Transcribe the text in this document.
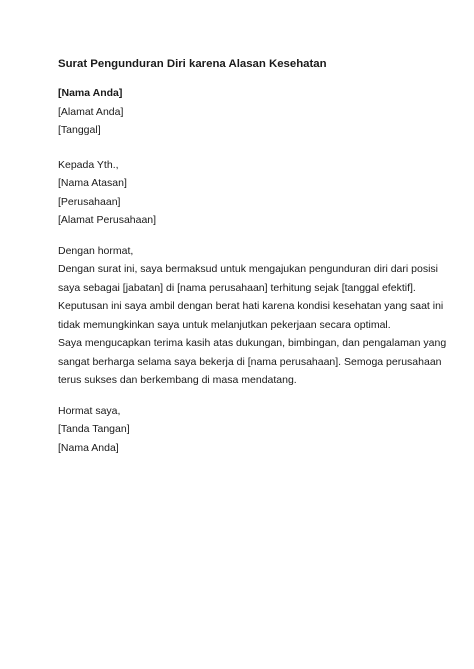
Surat Pengunduran Diri karena Alasan Kesehatan
[Nama Anda]
[Alamat Anda]
[Tanggal]
Kepada Yth.,
[Nama Atasan]
[Perusahaan]
[Alamat Perusahaan]
Dengan hormat,
Dengan surat ini, saya bermaksud untuk mengajukan pengunduran diri dari posisi
saya sebagai [jabatan] di [nama perusahaan] terhitung sejak [tanggal efektif].
Keputusan ini saya ambil dengan berat hati karena kondisi kesehatan yang saat ini
tidak memungkinkan saya untuk melanjutkan pekerjaan secara optimal.
Saya mengucapkan terima kasih atas dukungan, bimbingan, dan pengalaman yang
sangat berharga selama saya bekerja di [nama perusahaan]. Semoga perusahaan
terus sukses dan berkembang di masa mendatang.
Hormat saya,
[Tanda Tangan]
[Nama Anda]
